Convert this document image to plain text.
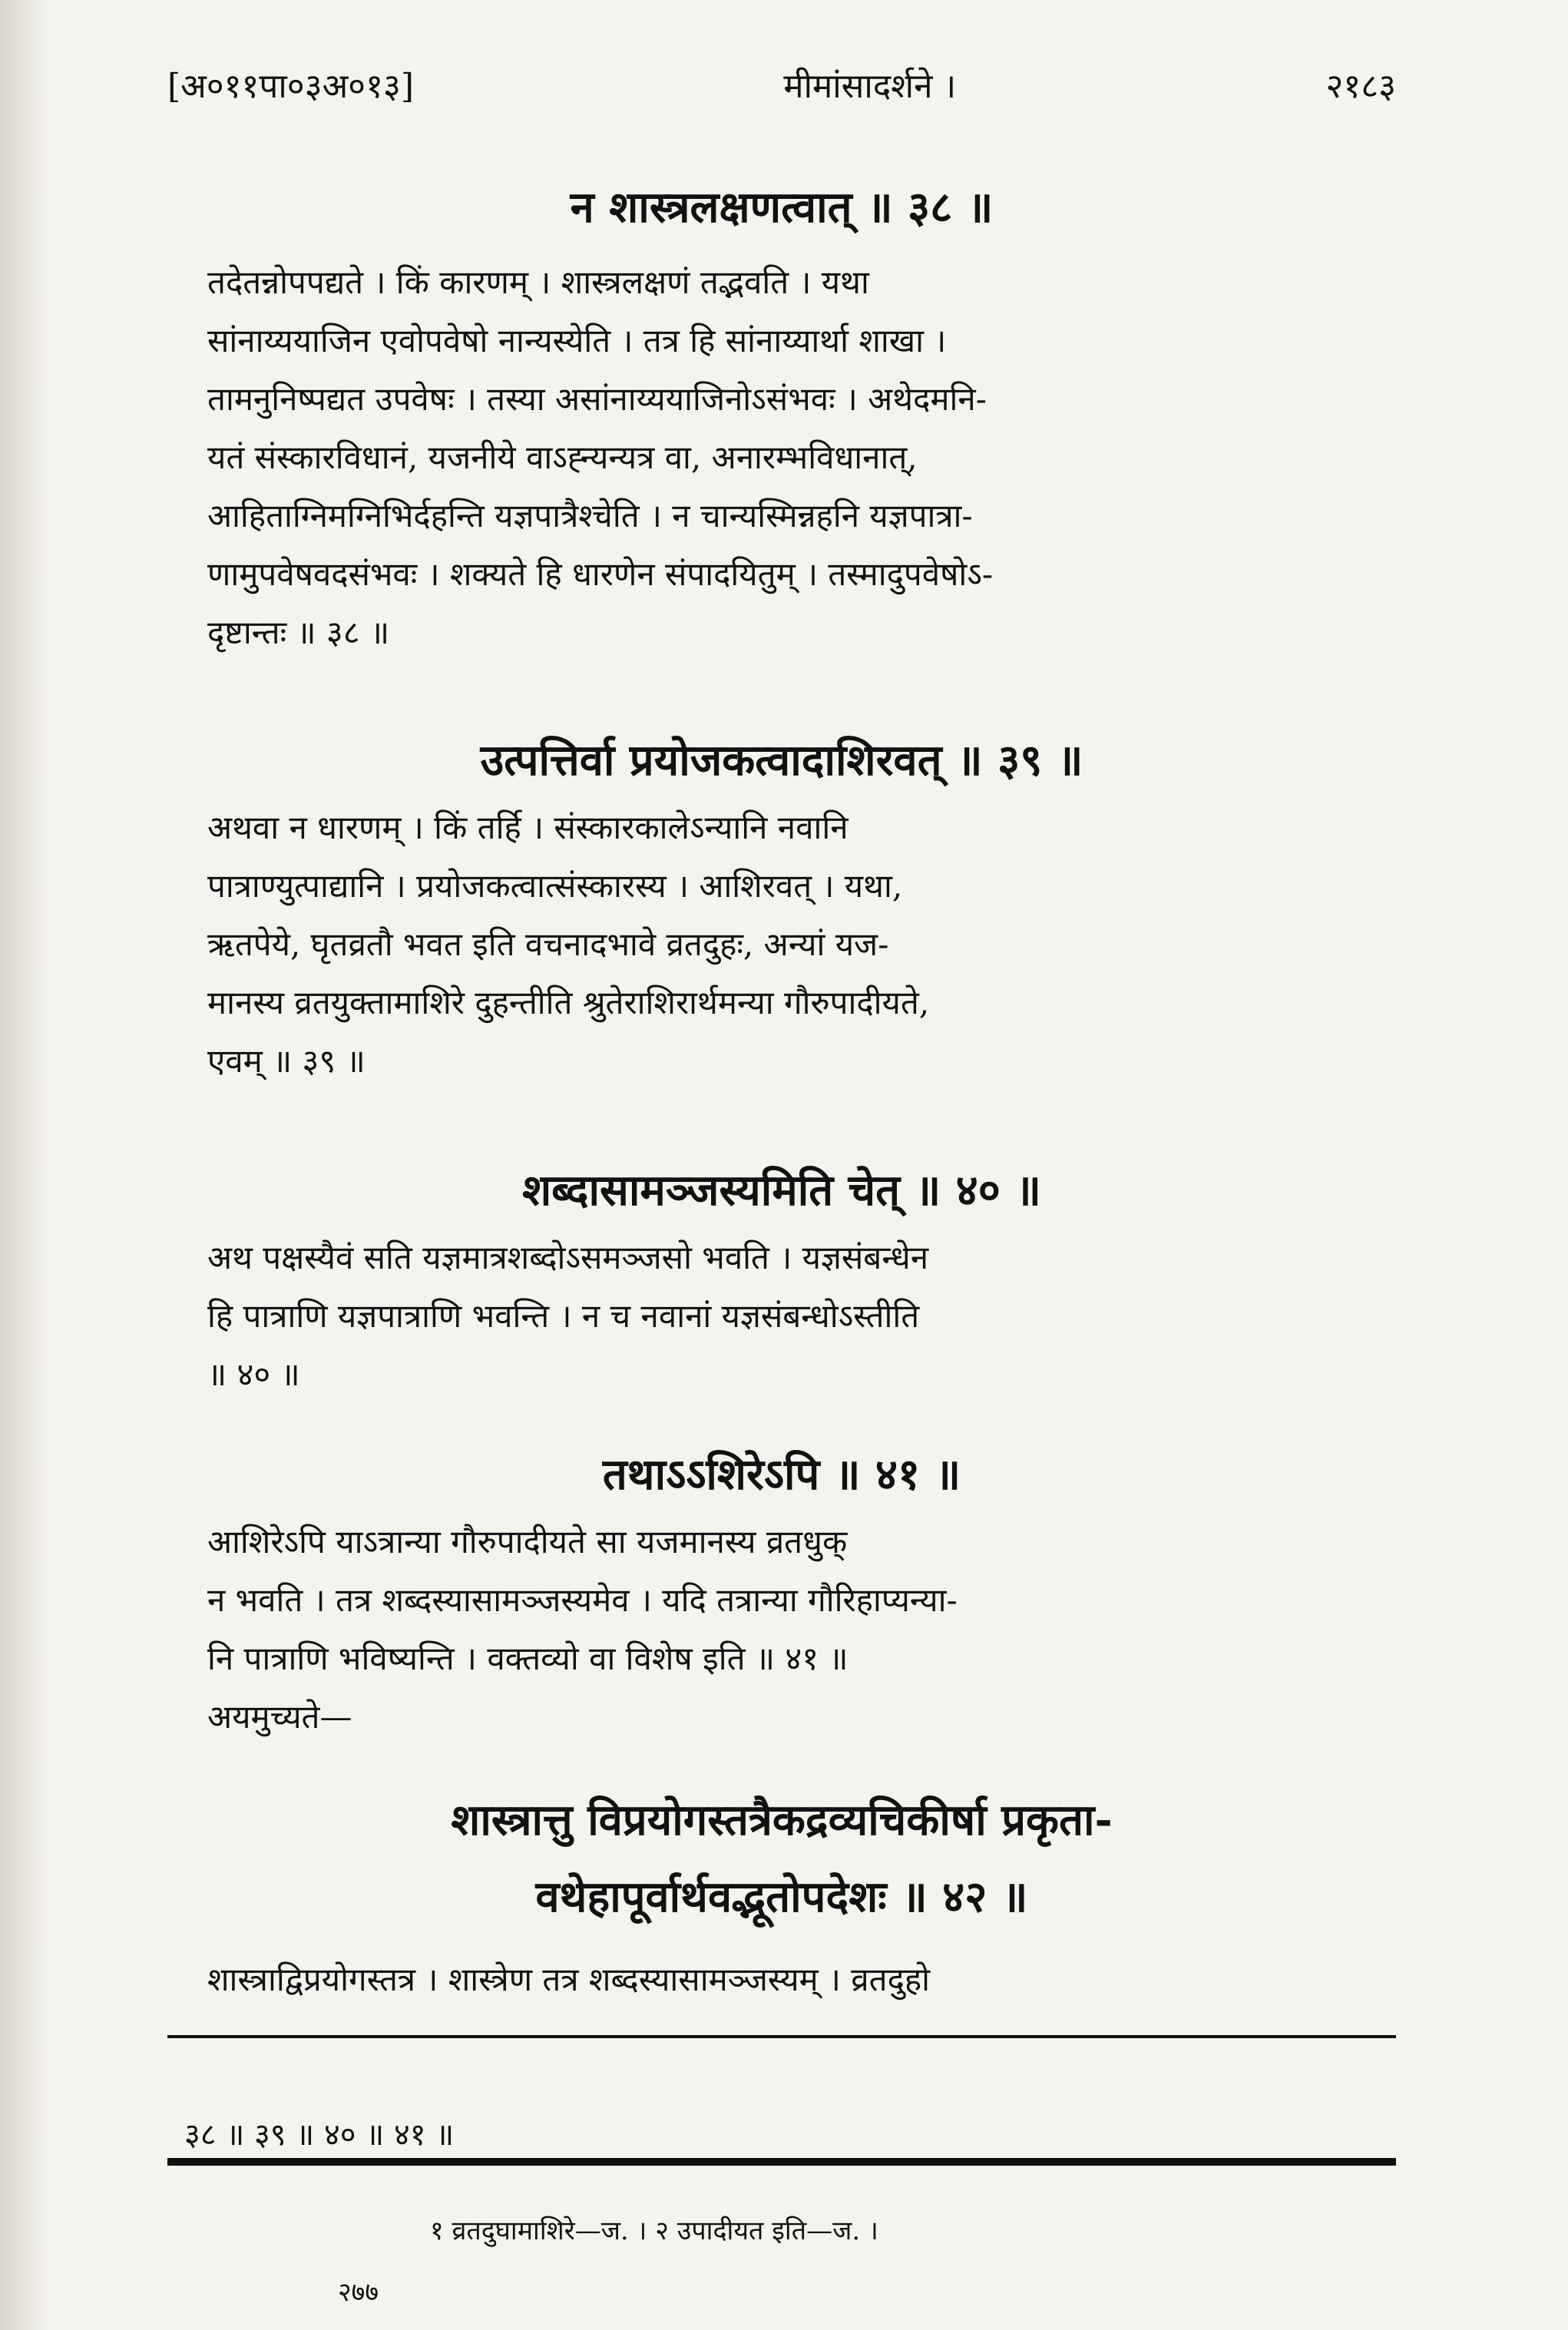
[अ०११पा०३अ०१३]	मीमांसादर्शने ।	२१८३
न शास्त्रलक्षणत्वात् ॥ ३८ ॥
तदेतन्नोपपद्यते । किं कारणम् । शास्त्रलक्षणं तद्भवति । यथा
सांनाय्ययाजिन एवोपवेषो नान्यस्येति । तत्र हि सांनाय्यार्था शाखा ।
तामनुनिष्पद्यत उपवेषः । तस्या असांनाय्ययाजिनोऽसंभवः । अथेदमनि-
यतं संस्कारविधानं, यजनीये वाऽह्न्यन्यत्र वा, अनारम्भविधानात्,
आहिताग्निमग्निभिर्दहन्ति यज्ञपात्रैश्चेति । न चान्यस्मिन्नहनि यज्ञपात्रा-
णामुपवेषवदसंभवः । शक्यते हि धारणेन संपादयितुम् । तस्मादुपवेषोऽ-
दृष्टान्तः ॥ ३८ ॥
उत्पत्तिर्वा प्रयोजकत्वादाशिरवत् ॥ ३९ ॥
अथवा न धारणम् । किं तर्हि । संस्कारकालेऽन्यानि नवानि
पात्राण्युत्पाद्यानि । प्रयोजकत्वात्संस्कारस्य । आशिरवत् । यथा,
ऋतपेये, घृतव्रतौ भवत इति वचनादभावे व्रतदुहः, अन्यां यज-
मानस्य व्रतयुक्तामाशिरे दुहन्तीति श्रुतेराशिरार्थमन्या गौरुपादीयते,
एवम् ॥ ३९ ॥
शब्दासामञ्जस्यमिति चेत् ॥ ४० ॥
अथ पक्षस्यैवं सति यज्ञमात्रशब्दोऽसमञ्जसो भवति । यज्ञसंबन्धेन
हि पात्राणि यज्ञपात्राणि भवन्ति । न च नवानां यज्ञसंबन्धोऽस्तीति
॥ ४० ॥
तथाऽऽशिरेऽपि ॥ ४१ ॥
आशिरेऽपि याऽत्रान्या गौरुपादीयते सा यजमानस्य व्रतधुक्
न भवति । तत्र शब्दस्यासामञ्जस्यमेव । यदि तत्रान्या गौरिहाप्यन्या-
नि पात्राणि भविष्यन्ति । वक्तव्यो वा विशेष इति ॥ ४१ ॥
अयमुच्यते—
शास्त्रात्तु विप्रयोगस्तत्रैकद्रव्यचिकीर्षा प्रकृता-
वथेहापूर्वार्थवद्भूतोपदेशः ॥ ४२ ॥
शास्त्राद्विप्रयोगस्तत्र । शास्त्रेण तत्र शब्दस्यासामञ्जस्यम् । व्रतदुहो
३८ ॥ ३९ ॥ ४० ॥ ४१ ॥
१ व्रतदुघामाशिरे—ज. । २ उपादीयत इति—ज. ।
२७७
